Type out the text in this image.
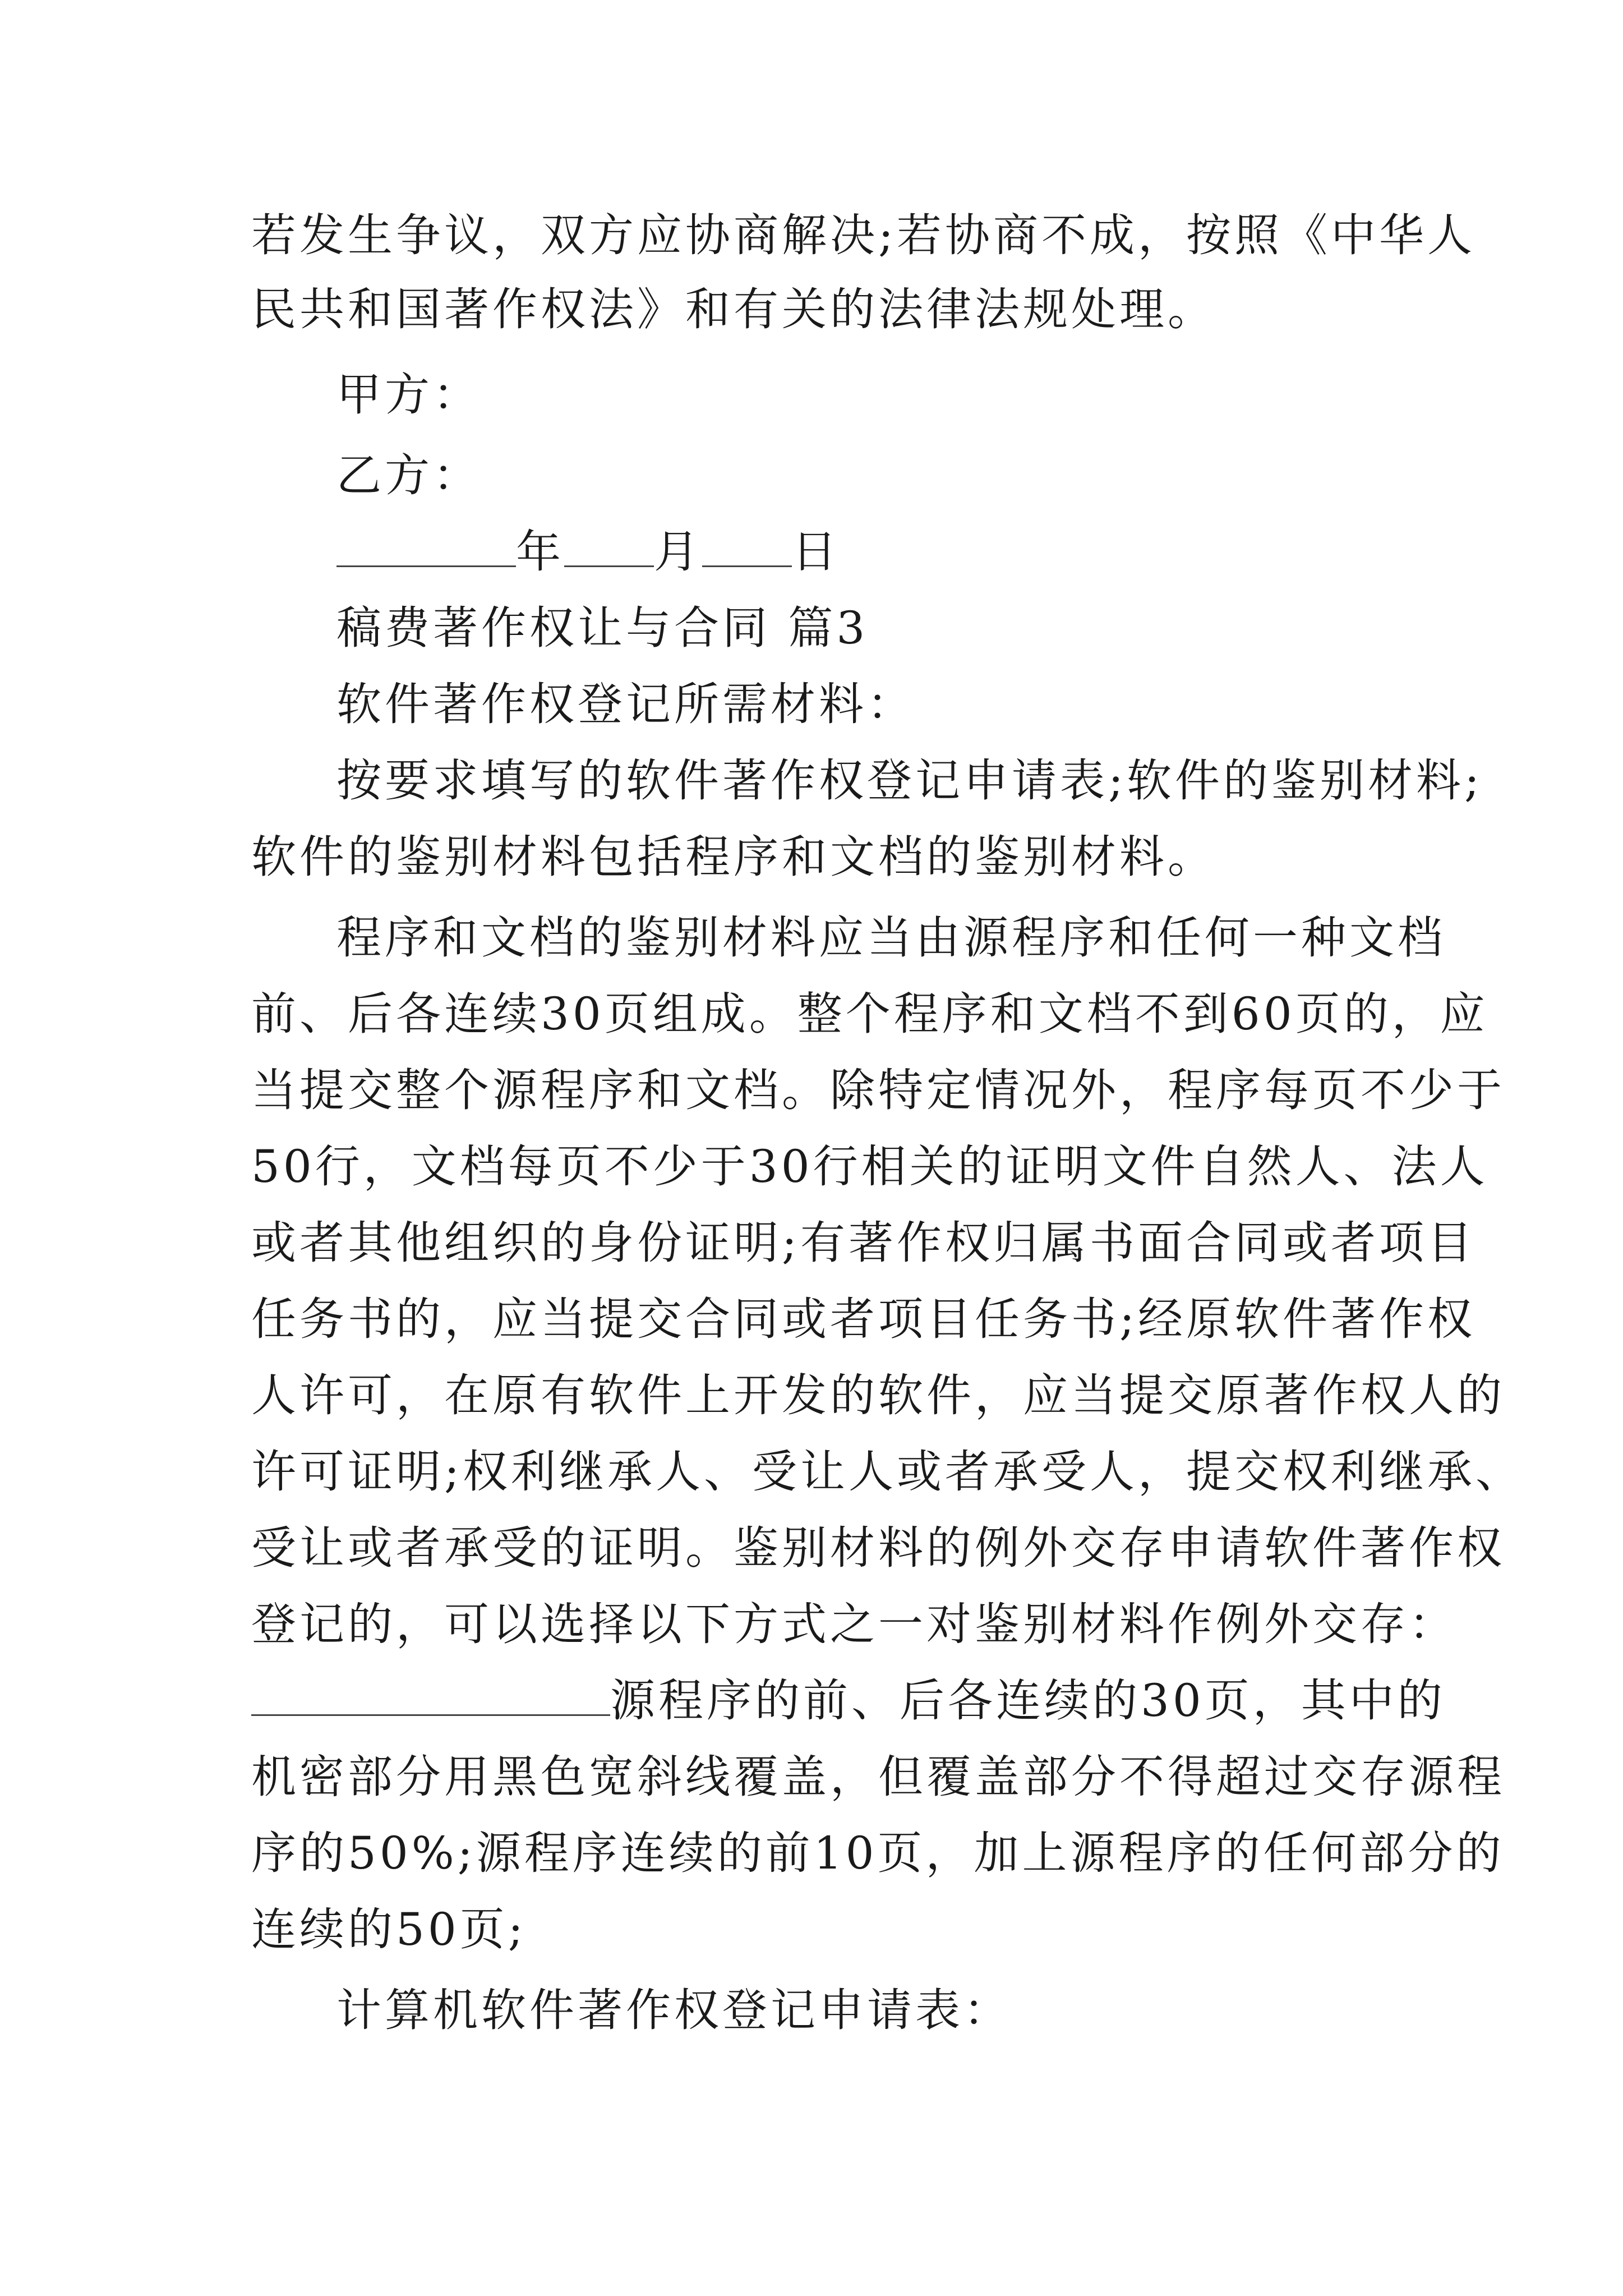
若发生争议，双方应协商解决;若协商不成，按照《中华人
民共和国著作权法》和有关的法律法规处理。
甲方：
乙方：
年 月 日
稿费著作权让与合同 篇3
软件著作权登记所需材料：
按要求填写的软件著作权登记申请表;软件的鉴别材料;
软件的鉴别材料包括程序和文档的鉴别材料。
程序和文档的鉴别材料应当由源程序和任何一种文档
前、后各连续30页组成。整个程序和文档不到60页的，应
当提交整个源程序和文档。除特定情况外，程序每页不少于
50行，文档每页不少于30行相关的证明文件自然人、法人
或者其他组织的身份证明;有著作权归属书面合同或者项目
任务书的，应当提交合同或者项目任务书;经原软件著作权
人许可，在原有软件上开发的软件，应当提交原著作权人的
许可证明;权利继承人、受让人或者承受人，提交权利继承、
受让或者承受的证明。鉴别材料的例外交存申请软件著作权
登记的，可以选择以下方式之一对鉴别材料作例外交存：
源程序的前、后各连续的30页，其中的
机密部分用黑色宽斜线覆盖，但覆盖部分不得超过交存源程
序的50%;源程序连续的前10页，加上源程序的任何部分的
连续的50页;
计算机软件著作权登记申请表：
